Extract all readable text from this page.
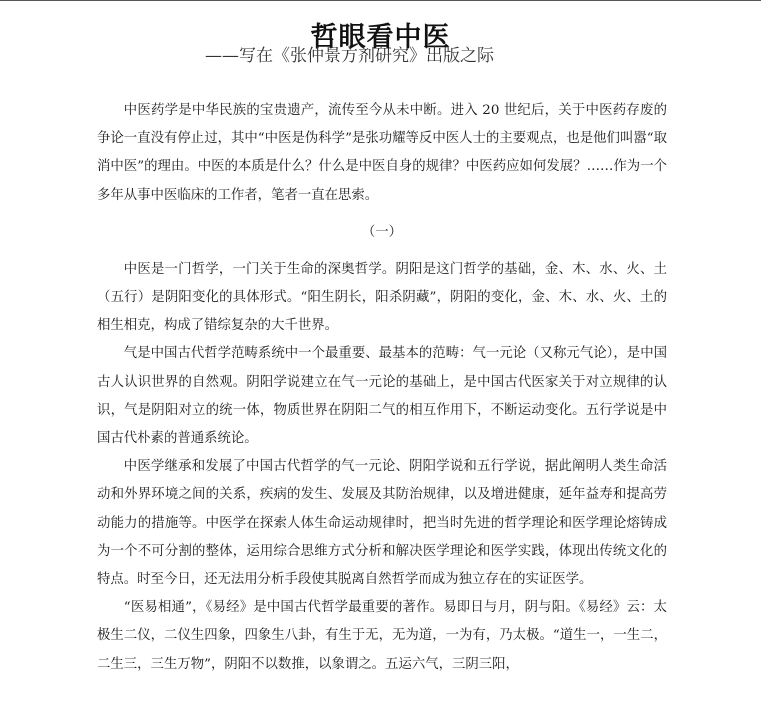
哲眼看中医
——写在《张仲景方剂研究》出版之际

中医药学是中华民族的宝贵遗产，流传至今从未中断。进入 20 世纪后，关于中医药存废的争论一直没有停止过，其中“中医是伪科学”是张功耀等反中医人士的主要观点，也是他们叫嚣“取消中医”的理由。中医的本质是什么？什么是中医自身的规律？中医药应如何发展？……作为一个多年从事中医临床的工作者，笔者一直在思索。

（一）

中医是一门哲学，一门关于生命的深奥哲学。阴阳是这门哲学的基础，金、木、水、火、土（五行）是阴阳变化的具体形式。“阳生阴长，阳杀阴藏”，阴阳的变化，金、木、水、火、土的相生相克，构成了错综复杂的大千世界。

气是中国古代哲学范畴系统中一个最重要、最基本的范畴：气一元论（又称元气论），是中国古人认识世界的自然观。阴阳学说建立在气一元论的基础上，是中国古代医家关于对立规律的认识，气是阴阳对立的统一体，物质世界在阴阳二气的相互作用下，不断运动变化。五行学说是中国古代朴素的普通系统论。

中医学继承和发展了中国古代哲学的气一元论、阴阳学说和五行学说，据此阐明人类生命活动和外界环境之间的关系，疾病的发生、发展及其防治规律，以及增进健康，延年益寿和提高劳动能力的措施等。中医学在探索人体生命运动规律时，把当时先进的哲学理论和医学理论熔铸成为一个不可分割的整体，运用综合思维方式分析和解决医学理论和医学实践，体现出传统文化的特点。时至今日，还无法用分析手段使其脱离自然哲学而成为独立存在的实证医学。

“医易相通”，《易经》是中国古代哲学最重要的著作。易即日与月，阴与阳。《易经》云：太极生二仪，二仪生四象，四象生八卦，有生于无，无为道，一为有，乃太极。“道生一，一生二，二生三，三生万物”，阴阳不以数推，以象谓之。五运六气，三阴三阳，
